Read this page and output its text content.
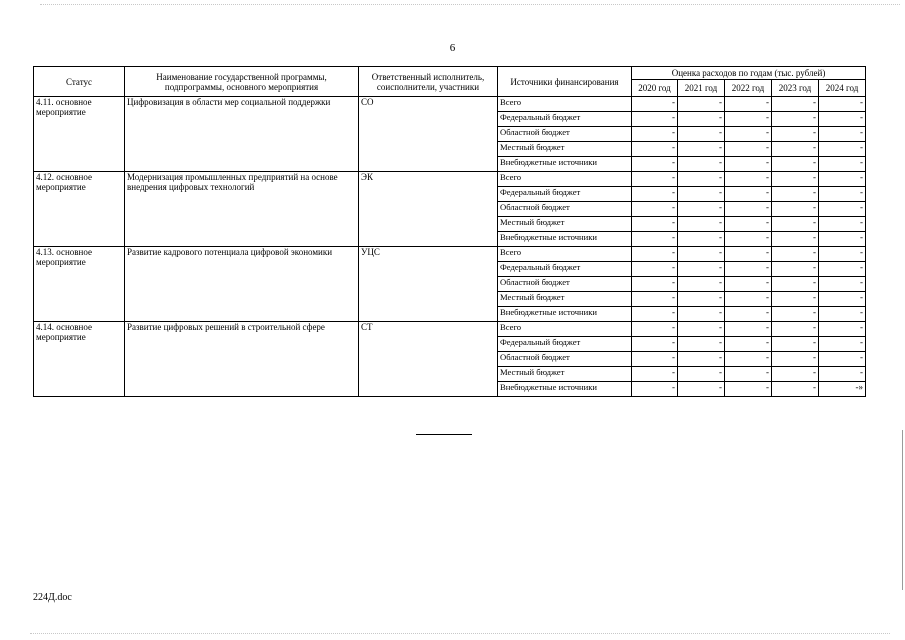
6
Статус	Наименование государственной программы, подпрограммы, основного мероприятия	Ответственный исполнитель, соисполнители, участники	Источники финансирования	Оценка расходов по годам (тыс. рублей)				
				2020 год	2021 год	2022 год	2023 год	2024 год
4.11. основное мероприятие	Цифровизация в области мер социальной поддержки	СО	Всего	-	-	-	-	-
			Федеральный бюджет	-	-	-	-	-
			Областной бюджет	-	-	-	-	-
			Местный бюджет	-	-	-	-	-
			Внебюджетные источники	-	-	-	-	-
4.12. основное мероприятие	Модернизация промышленных предприятий на основе внедрения цифровых технологий	ЭК	Всего	-	-	-	-	-
			Федеральный бюджет	-	-	-	-	-
			Областной бюджет	-	-	-	-	-
			Местный бюджет	-	-	-	-	-
			Внебюджетные источники	-	-	-	-	-
4.13. основное мероприятие	Развитие кадрового потенциала цифровой экономики	УЦС	Всего	-	-	-	-	-
			Федеральный бюджет	-	-	-	-	-
			Областной бюджет	-	-	-	-	-
			Местный бюджет	-	-	-	-	-
			Внебюджетные источники	-	-	-	-	-
4.14. основное мероприятие	Развитие цифровых решений в строительной сфере	СТ	Всего	-	-	-	-	-
			Федеральный бюджет	-	-	-	-	-
			Областной бюджет	-	-	-	-	-
			Местный бюджет	-	-	-	-	-
			Внебюджетные источники	-	-	-	-	-»
224Д.doc
